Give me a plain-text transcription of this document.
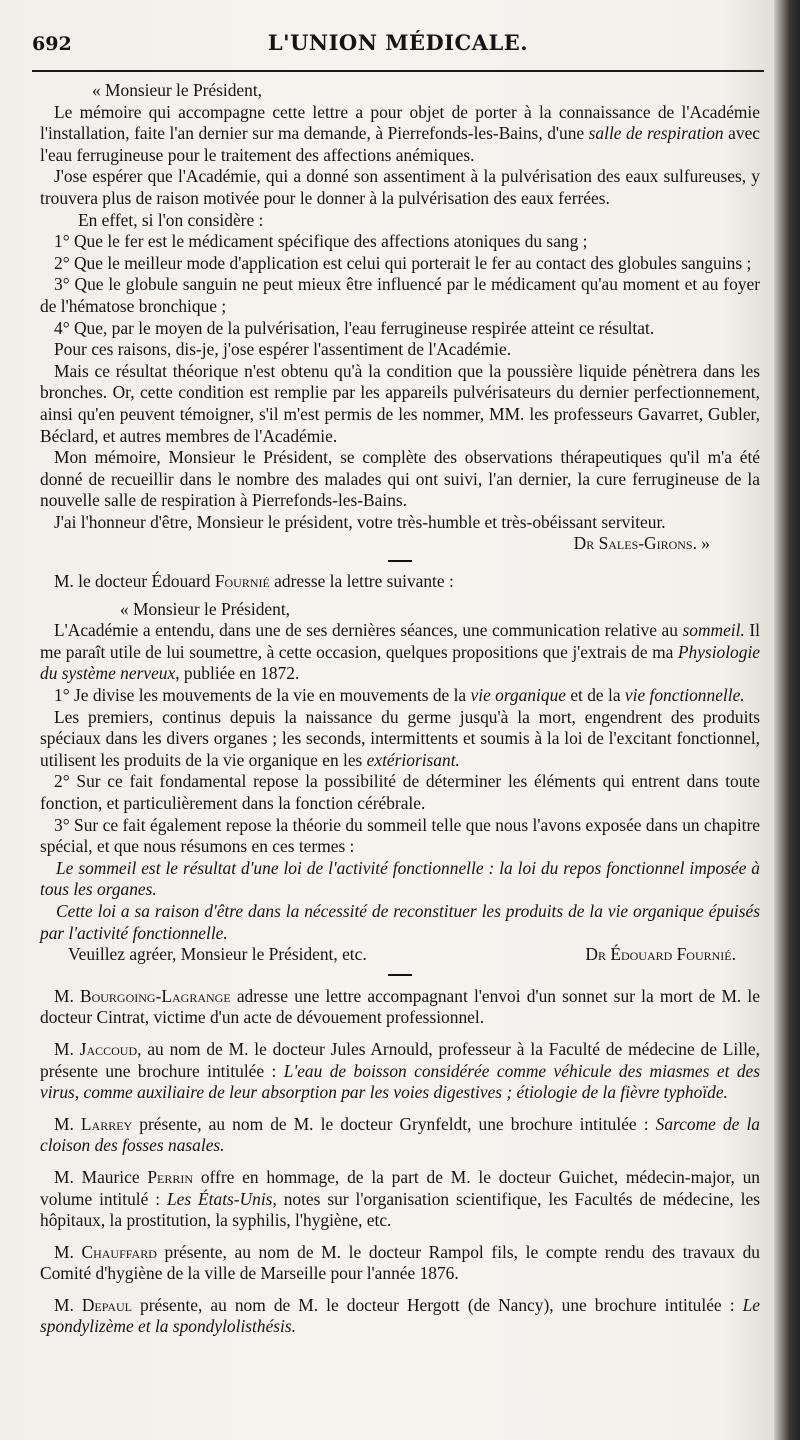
692	L'UNION MÉDICALE.

« Monsieur le Président,

Le mémoire qui accompagne cette lettre a pour objet de porter à la connaissance de l'Académie l'installation, faite l'an dernier sur ma demande, à Pierrefonds-les-Bains, d'une salle de respiration avec l'eau ferrugineuse pour le traitement des affections anémiques.

J'ose espérer que l'Académie, qui a donné son assentiment à la pulvérisation des eaux sulfureuses, y trouvera plus de raison motivée pour le donner à la pulvérisation des eaux ferrées.

En effet, si l'on considère :

1° Que le fer est le médicament spécifique des affections atoniques du sang ;

2° Que le meilleur mode d'application est celui qui porterait le fer au contact des globules sanguins ;

3° Que le globule sanguin ne peut mieux être influencé par le médicament qu'au moment et au foyer de l'hématose bronchique ;

4° Que, par le moyen de la pulvérisation, l'eau ferrugineuse respirée atteint ce résultat.

Pour ces raisons, dis-je, j'ose espérer l'assentiment de l'Académie.

Mais ce résultat théorique n'est obtenu qu'à la condition que la poussière liquide pénètrera dans les bronches. Or, cette condition est remplie par les appareils pulvérisateurs du dernier perfectionnement, ainsi qu'en peuvent témoigner, s'il m'est permis de les nommer, MM. les professeurs Gavarret, Gubler, Béclard, et autres membres de l'Académie.

Mon mémoire, Monsieur le Président, se complète des observations thérapeutiques qu'il m'a été donné de recueillir dans le nombre des malades qui ont suivi, l'an dernier, la cure ferrugineuse de la nouvelle salle de respiration à Pierrefonds-les-Bains.

J'ai l'honneur d'être, Monsieur le président, votre très-humble et très-obéissant serviteur.

Dr Sales-Girons. »

M. le docteur Édouard Fournié adresse la lettre suivante :

« Monsieur le Président,

L'Académie a entendu, dans une de ses dernières séances, une communication relative au sommeil. Il me paraît utile de lui soumettre, à cette occasion, quelques propositions que j'extrais de ma Physiologie du système nerveux, publiée en 1872.

1° Je divise les mouvements de la vie en mouvements de la vie organique et de la vie fonctionnelle.

Les premiers, continus depuis la naissance du germe jusqu'à la mort, engendrent des produits spéciaux dans les divers organes ; les seconds, intermittents et soumis à la loi de l'excitant fonctionnel, utilisent les produits de la vie organique en les extériorisant.

2° Sur ce fait fondamental repose la possibilité de déterminer les éléments qui entrent dans toute fonction, et particulièrement dans la fonction cérébrale.

3° Sur ce fait également repose la théorie du sommeil telle que nous l'avons exposée dans un chapitre spécial, et que nous résumons en ces termes :

Le sommeil est le résultat d'une loi de l'activité fonctionnelle : la loi du repos fonctionnel imposée à tous les organes.

Cette loi a sa raison d'être dans la nécessité de reconstituer les produits de la vie organique épuisés par l'activité fonctionnelle.

Veuillez agréer, Monsieur le Président, etc.	Dr Édouard Fournié.

M. Bourgoing-Lagrange adresse une lettre accompagnant l'envoi d'un sonnet sur la mort de M. le docteur Cintrat, victime d'un acte de dévouement professionnel.

M. Jaccoud, au nom de M. le docteur Jules Arnould, professeur à la Faculté de médecine de Lille, présente une brochure intitulée : L'eau de boisson considérée comme véhicule des miasmes et des virus, comme auxiliaire de leur absorption par les voies digestives ; étiologie de la fièvre typhoïde.

M. Larrey présente, au nom de M. le docteur Grynfeldt, une brochure intitulée : Sarcome de la cloison des fosses nasales.

M. Maurice Perrin offre en hommage, de la part de M. le docteur Guichet, médecin-major, un volume intitulé : Les États-Unis, notes sur l'organisation scientifique, les Facultés de médecine, les hôpitaux, la prostitution, la syphilis, l'hygiène, etc.

M. Chauffard présente, au nom de M. le docteur Rampol fils, le compte rendu des travaux du Comité d'hygiène de la ville de Marseille pour l'année 1876.

M. Depaul présente, au nom de M. le docteur Hergott (de Nancy), une brochure intitulée : Le spondylizème et la spondylolisthésis.
